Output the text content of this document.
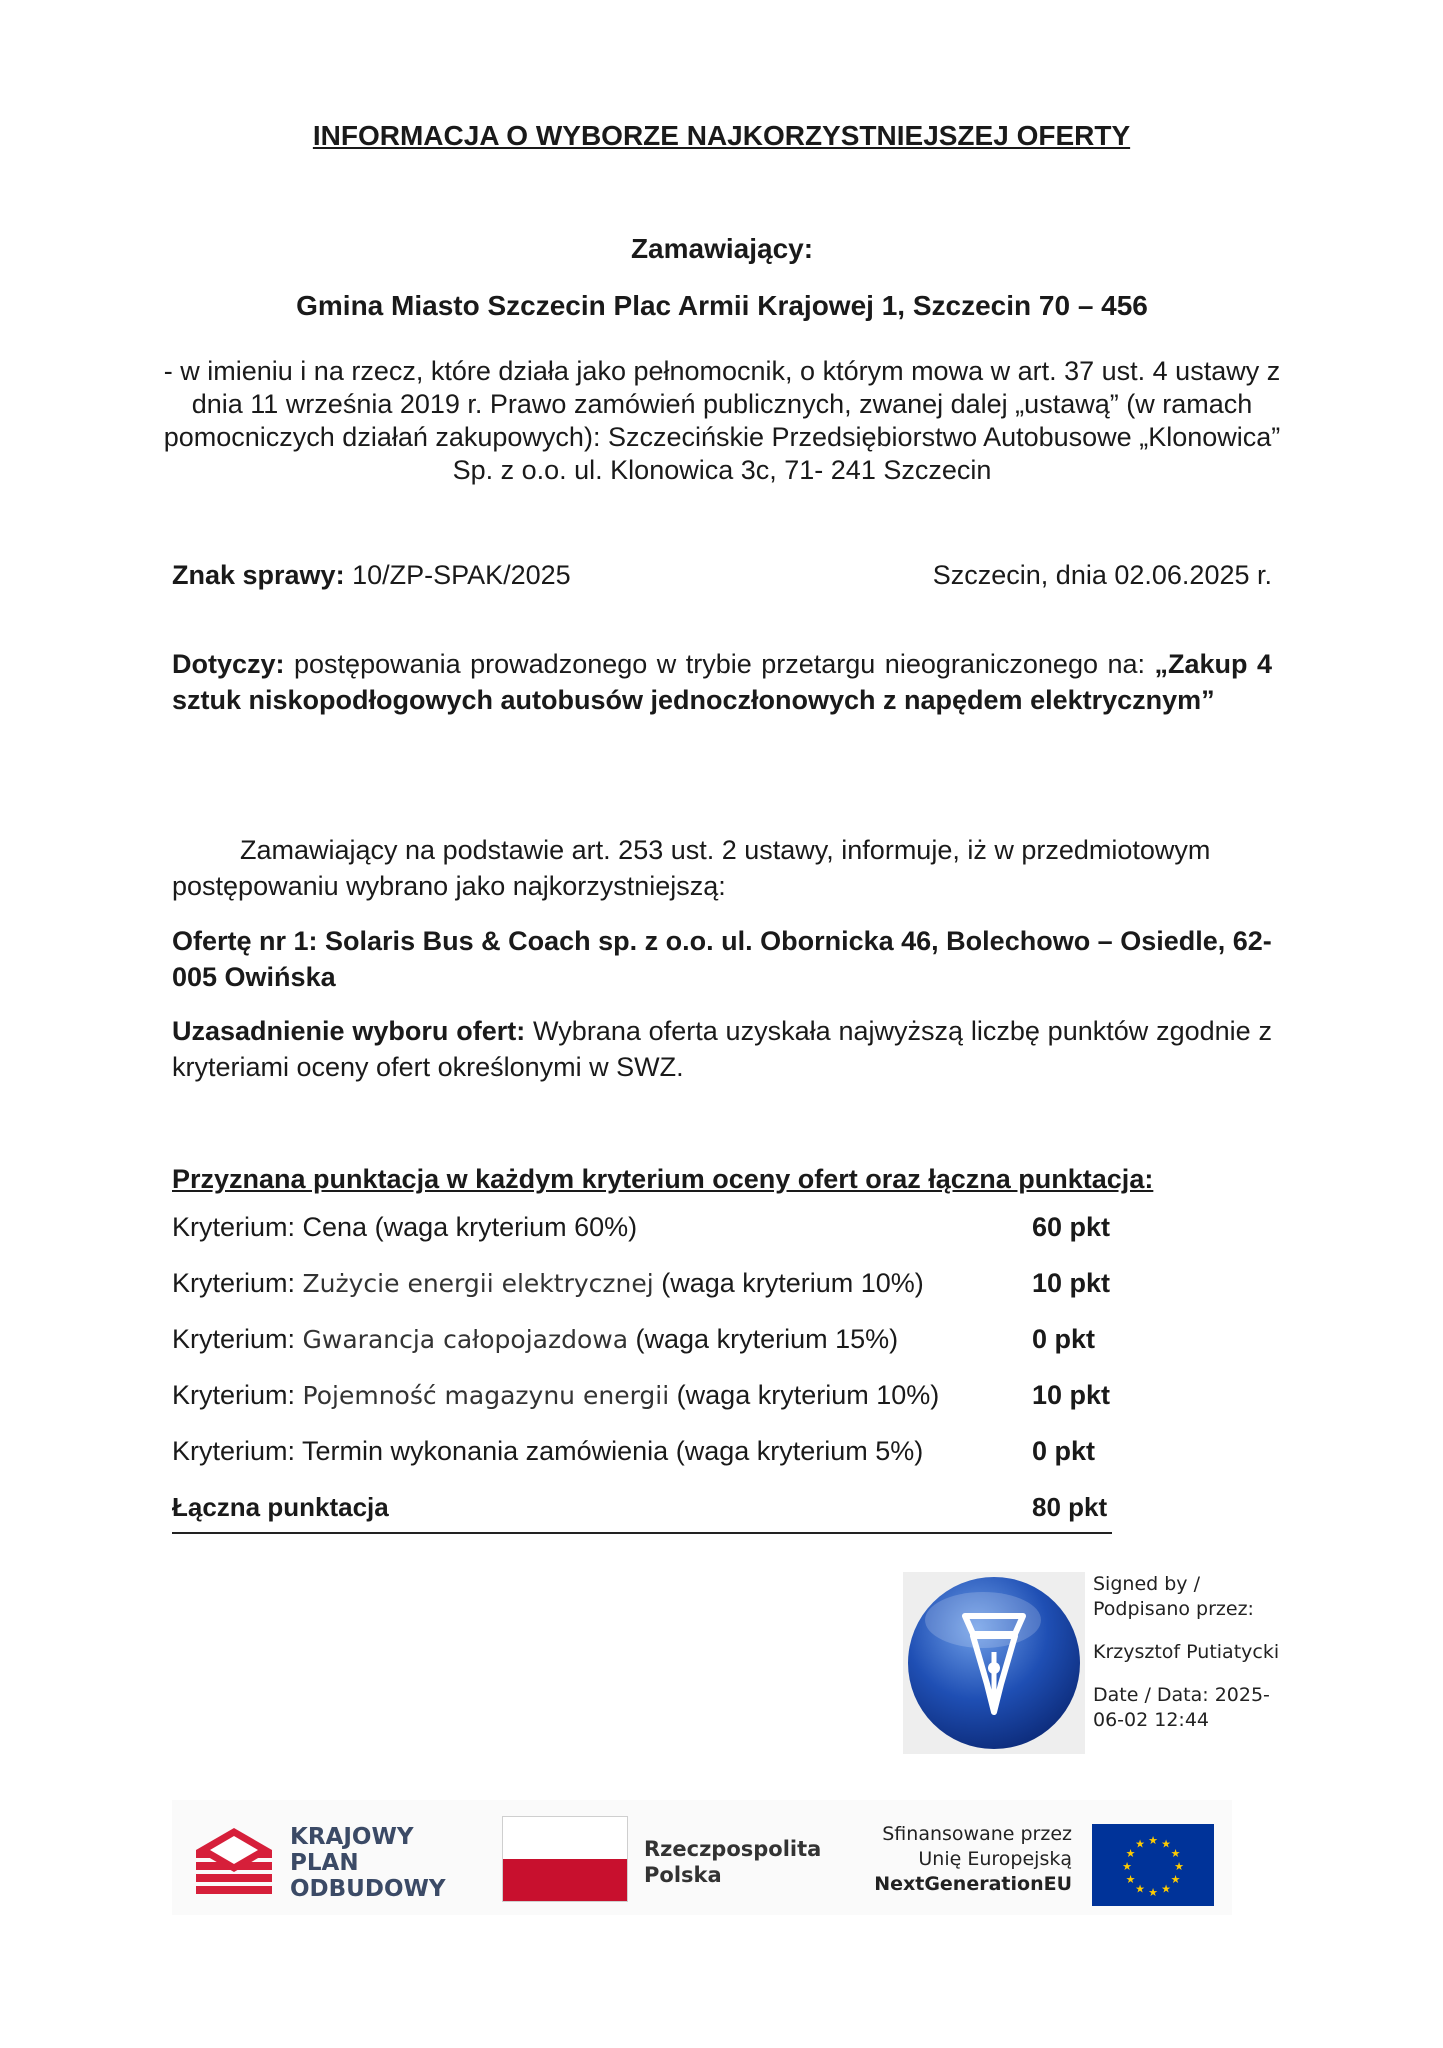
INFORMACJA O WYBORZE NAJKORZYSTNIEJSZEJ OFERTY
Zamawiający:
Gmina Miasto Szczecin Plac Armii Krajowej 1, Szczecin 70 – 456
- w imieniu i na rzecz, które działa jako pełnomocnik, o którym mowa w art. 37 ust. 4 ustawy z dnia 11 września 2019 r. Prawo zamówień publicznych, zwanej dalej „ustawą” (w ramach pomocniczych działań zakupowych): Szczecińskie Przedsiębiorstwo Autobusowe „Klonowica” Sp. z o.o. ul. Klonowica 3c, 71- 241 Szczecin
Znak sprawy: 10/ZP-SPAK/2025	Szczecin, dnia 02.06.2025 r.
Dotyczy: postępowania prowadzonego w trybie przetargu nieograniczonego na: „Zakup 4 sztuk niskopodłogowych autobusów jednoczłonowych z napędem elektrycznym”
Zamawiający na podstawie art. 253 ust. 2 ustawy, informuje, iż w przedmiotowym postępowaniu wybrano jako najkorzystniejszą:
Ofertę nr 1: Solaris Bus & Coach sp. z o.o. ul. Obornicka 46, Bolechowo – Osiedle, 62-005 Owińska
Uzasadnienie wyboru ofert: Wybrana oferta uzyskała najwyższą liczbę punktów zgodnie z kryteriami oceny ofert określonymi w SWZ.
Przyznana punktacja w każdym kryterium oceny ofert oraz łączna punktacja:
Kryterium: Cena (waga kryterium 60%)	60 pkt
Kryterium: Zużycie energii elektrycznej (waga kryterium 10%)	10 pkt
Kryterium: Gwarancja całopojazdowa (waga kryterium 15%)	0 pkt
Kryterium: Pojemność magazynu energii (waga kryterium 10%)	10 pkt
Kryterium: Termin wykonania zamówienia (waga kryterium 5%)	0 pkt
Łączna punktacja	80 pkt
Signed by /
Podpisano przez:
Krzysztof Putiatycki
Date / Data: 2025-
06-02 12:44
KRAJOWY
PLAN
ODBUDOWY
Rzeczpospolita
Polska
Sfinansowane przez
Unię Europejską
NextGenerationEU
★ ★
★
★
★
★
★
★
★
★
★
★
